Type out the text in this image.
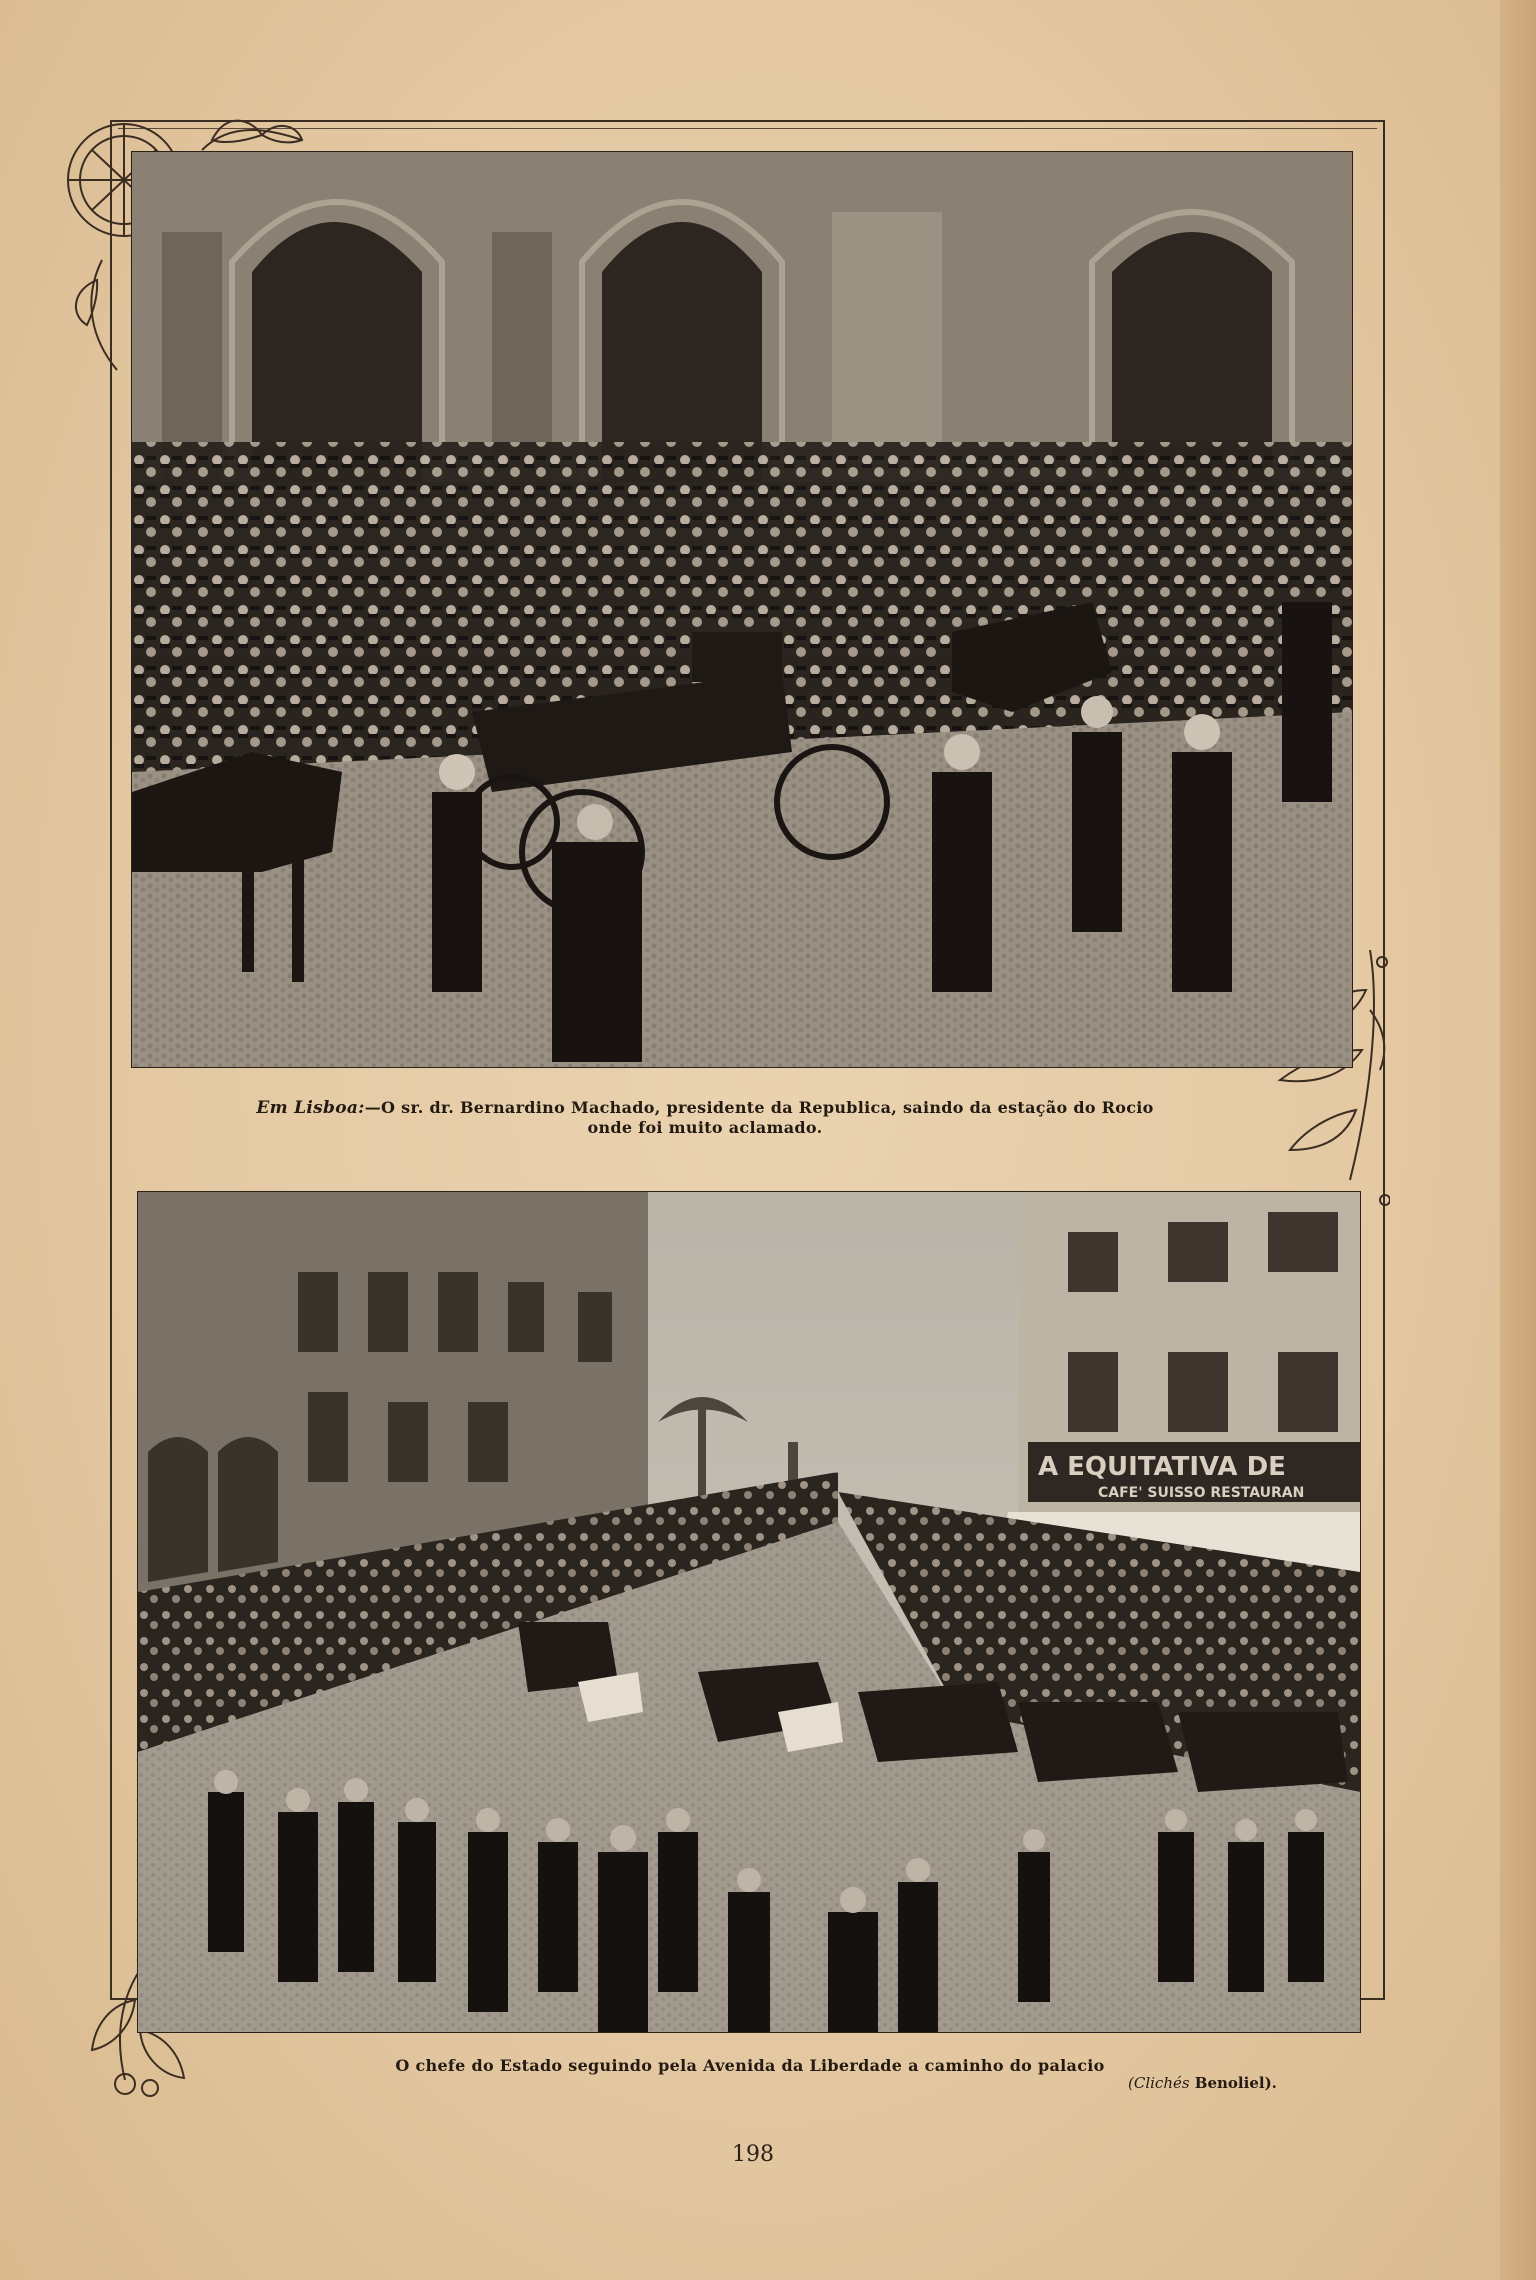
Em Lisboa:—O sr. dr. Bernardino Machado, presidente da Republica, saindo da estação do Rocio
onde foi muito aclamado.
A EQUITATIVA DE
CAFE' SUISSO RESTAURAN
O chefe do Estado seguindo pela Avenida da Liberdade a caminho do palacio
(Clichés Benoliel).
198
